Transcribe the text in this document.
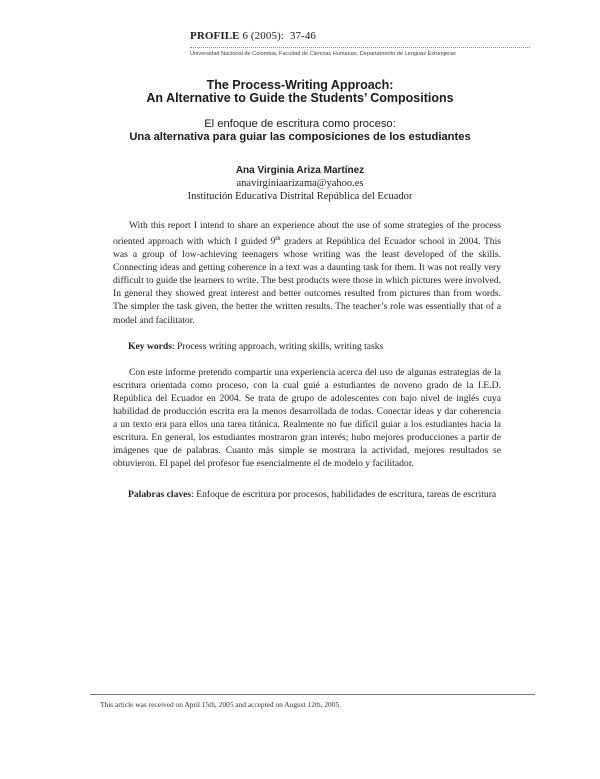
PROFILE 6 (2005): 37-46
Universidad Nacional de Colombia, Facultad de Ciencias Humanas, Departamento de Lenguas Extranjeras
The Process-Writing Approach:
An Alternative to Guide the Students’ Compositions
El enfoque de escritura como proceso:
Una alternativa para guiar las composiciones de los estudiantes
Ana Virginia Ariza Martínez
anavirginiaarizama@yahoo.es
Institución Educativa Distrital República del Ecuador

With this report I intend to share an experience about the use of some strategies of the process oriented approach with which I guided 9th graders at República del Ecuador school in 2004. This was a group of low-achieving teenagers whose writing was the least developed of the skills. Connecting ideas and getting coherence in a text was a daunting task for them. It was not really very difficult to guide the learners to write. The best products were those in which pictures were involved. In general they showed great interest and better outcomes resulted from pictures than from words. The simpler the task given, the better the written results. The teacher’s role was essentially that of a model and facilitator.

Key words: Process writing approach, writing skills, writing tasks

Con este informe pretendo compartir una experiencia acerca del uso de algunas estrategias de la escritura orientada como proceso, con la cual guié a estudiantes de noveno grado de la I.E.D. República del Ecuador en 2004. Se trata de grupo de adolescentes con bajo nivel de inglés cuya habilidad de producción escrita era la menos desarrollada de todas. Conectar ideas y dar coherencia a un texto era para ellos una tarea titánica. Realmente no fue difícil guiar a los estudiantes hacia la escritura. En general, los estudiantes mostraron gran interés; hubo mejores producciones a partir de imágenes que de palabras. Cuanto más simple se mostrara la actividad, mejores resultados se obtuvieron. El papel del profesor fue esencialmente el de modelo y facilitador.

Palabras claves: Enfoque de escritura por procesos, habilidades de escritura, tareas de escritura

This article was received on April 15th, 2005 and accepted on August 12th, 2005.
